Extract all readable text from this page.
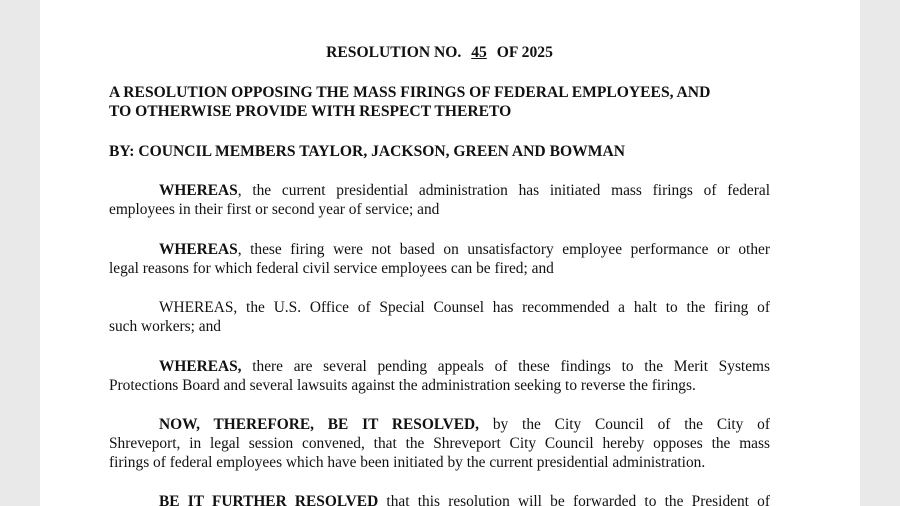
RESOLUTION NO. 45 OF 2025
A RESOLUTION OPPOSING THE MASS FIRINGS OF FEDERAL EMPLOYEES, AND
TO OTHERWISE PROVIDE WITH RESPECT THERETO
BY: COUNCIL MEMBERS TAYLOR, JACKSON, GREEN AND BOWMAN
WHEREAS, the current presidential administration has initiated mass firings of federal
employees in their first or second year of service; and
WHEREAS, these firing were not based on unsatisfactory employee performance or other
legal reasons for which federal civil service employees can be fired; and
WHEREAS, the U.S. Office of Special Counsel has recommended a halt to the firing of
such workers; and
WHEREAS, there are several pending appeals of these findings to the Merit Systems
Protections Board and several lawsuits against the administration seeking to reverse the firings.
NOW, THEREFORE, BE IT RESOLVED, by the City Council of the City of
Shreveport, in legal session convened, that the Shreveport City Council hereby opposes the mass
firings of federal employees which have been initiated by the current presidential administration.
BE IT FURTHER RESOLVED that this resolution will be forwarded to the President of
